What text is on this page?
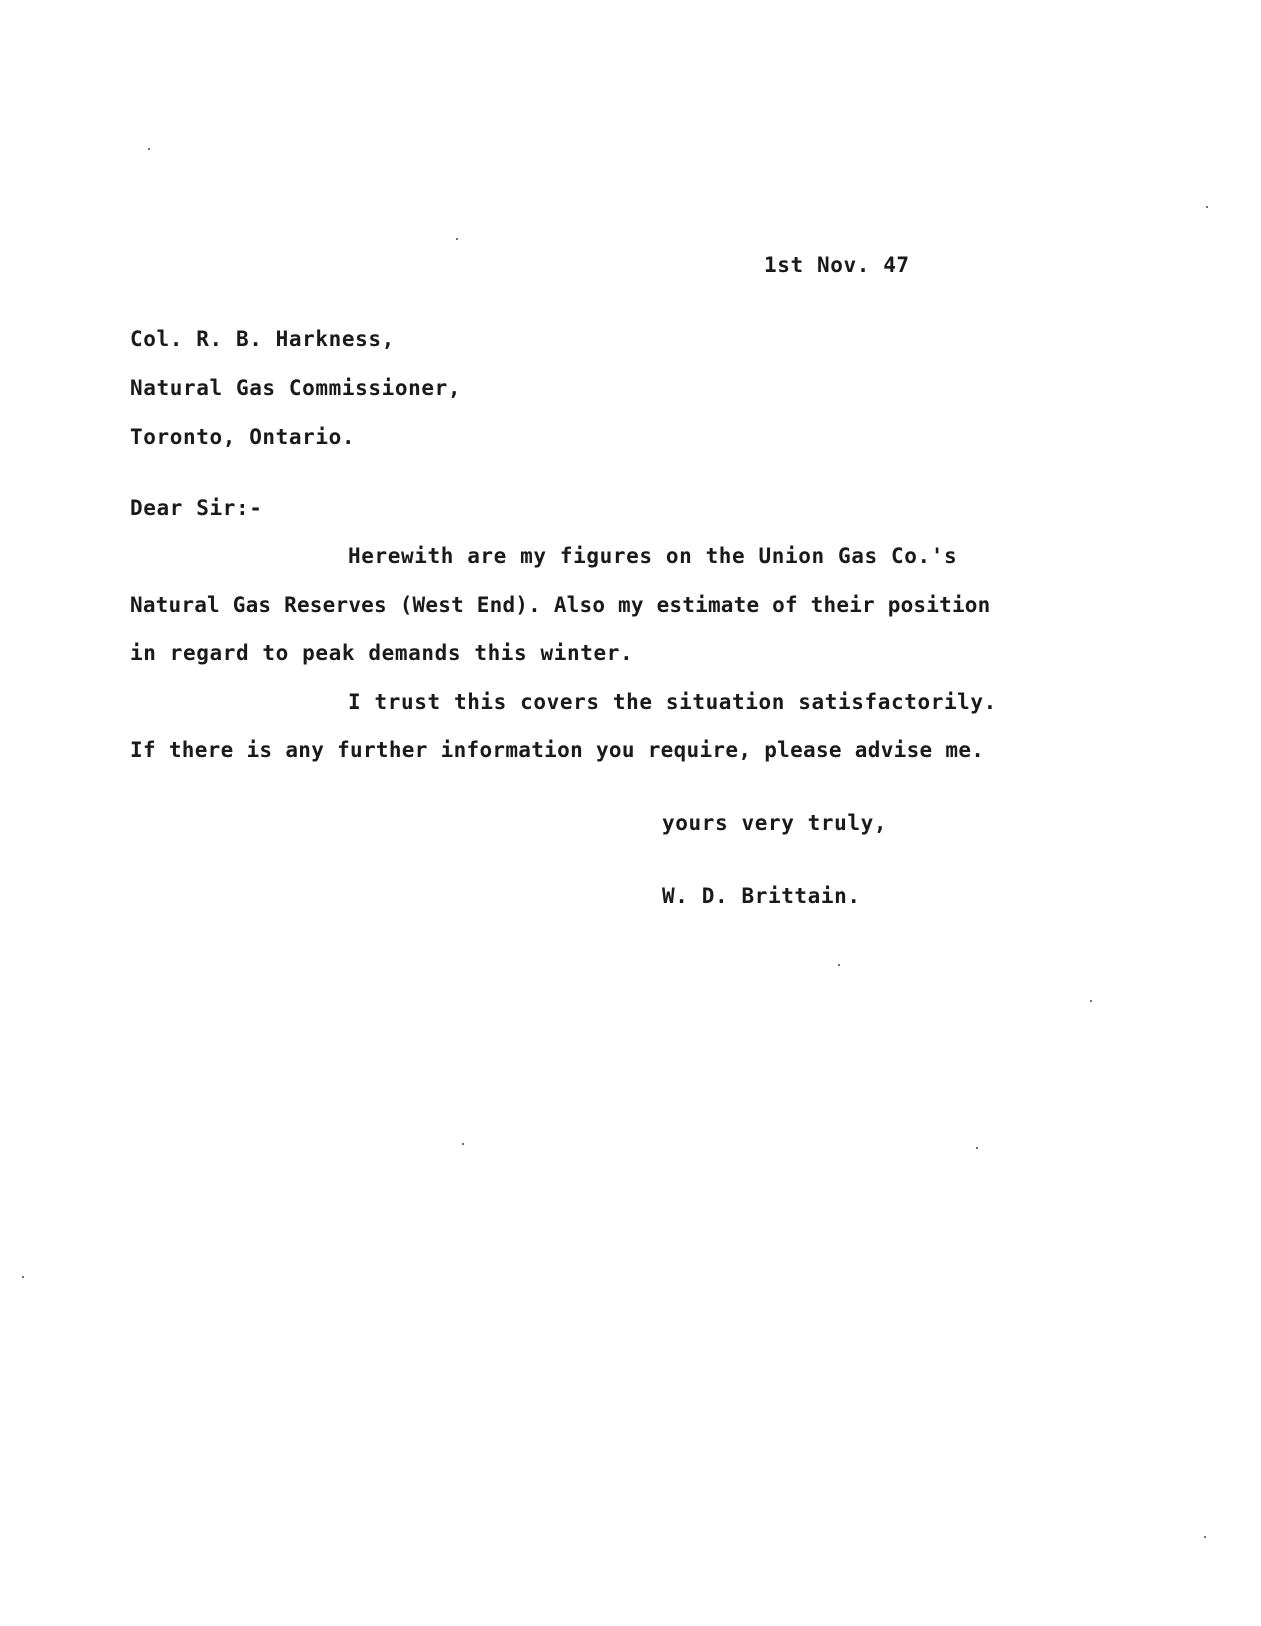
1st Nov. 47
Col. R. B. Harkness,
Natural Gas Commissioner,
Toronto, Ontario.
Dear Sir:-
Herewith are my figures on the Union Gas Co.'s
Natural Gas Reserves (West End). Also my estimate of their position
in regard to peak demands this winter.
I trust this covers the situation satisfactorily.
If there is any further information you require, please advise me.
yours very truly,
W. D. Brittain.
